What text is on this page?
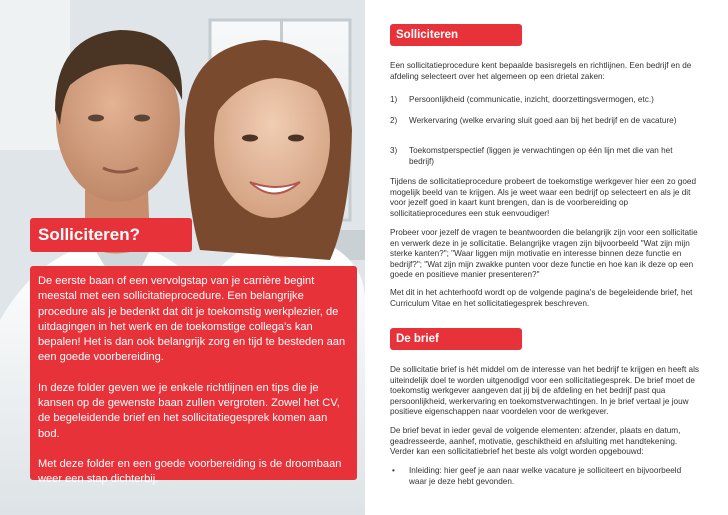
Solliciteren?

De eerste baan of een vervolgstap van je carrière begint meestal met een sollicitatieprocedure. Een belangrijke procedure als je bedenkt dat dit je toekomstig werkplezier, de uitdagingen in het werk en de toekomstige collega's kan bepalen! Het is dan ook belangrijk zorg en tijd te besteden aan een goede voorbereiding.

In deze folder geven we je enkele richtlijnen en tips die je kansen op de gewenste baan zullen vergroten. Zowel het CV, de begeleidende brief en het sollicitatiegesprek komen aan bod.

Met deze folder en een goede voorbereiding is de droombaan weer een stap dichterbij.

Solliciteren
Een sollicitatieprocedure kent bepaalde basisregels en richtlijnen. Een bedrijf en de afdeling selecteert over het algemeen op een drietal zaken:
1) Persoonlijkheid (communicatie, inzicht, doorzettingsvermogen, etc.)
2) Werkervaring (welke ervaring sluit goed aan bij het bedrijf en de vacature)
3) Toekomstperspectief (liggen je verwachtingen op één lijn met die van het bedrijf)
Tijdens de sollicitatieprocedure probeert de toekomstige werkgever hier een zo goed mogelijk beeld van te krijgen. Als je weet waar een bedrijf op selecteert en als je dit voor jezelf goed in kaart kunt brengen, dan is de voorbereiding op sollicitatieprocedures een stuk eenvoudiger!
Probeer voor jezelf de vragen te beantwoorden die belangrijk zijn voor een sollicitatie en verwerk deze in je sollicitatie. Belangrijke vragen zijn bijvoorbeeld "Wat zijn mijn sterke kanten?"; "Waar liggen mijn motivatie en interesse binnen deze functie en bedrijf?"; "Wat zijn mijn zwakke punten voor deze functie en hoe kan ik deze op een goede en positieve manier presenteren?"
Met dit in het achterhoofd wordt op de volgende pagina's de begeleidende brief, het Curriculum Vitae en het sollicitatiegesprek beschreven.
De brief
De sollicitatie brief is hét middel om de interesse van het bedrijf te krijgen en heeft als uiteindelijk doel te worden uitgenodigd voor een sollicitatiegesprek. De brief moet de toekomstig werkgever aangeven dat jij bij de afdeling en het bedrijf past qua persoonlijkheid, werkervaring en toekomstverwachtingen. In je brief vertaal je jouw positieve eigenschappen naar voordelen voor de werkgever.
De brief bevat in ieder geval de volgende elementen: afzender, plaats en datum, geadresseerde, aanhef, motivatie, geschiktheid en afsluiting met handtekening. Verder kan een sollicitatiebrief het beste als volgt worden opgebouwd:
• Inleiding: hier geef je aan naar welke vacature je solliciteert en bijvoorbeeld waar je deze hebt gevonden.
